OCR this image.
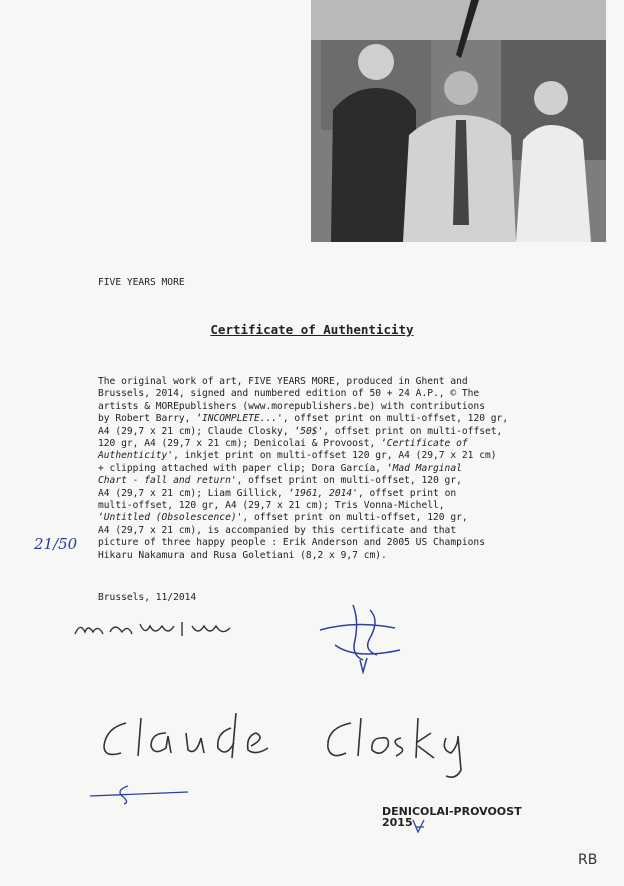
FIVE YEARS MORE
Certificate of Authenticity
The original work of art, FIVE YEARS MORE, produced in Ghent and
Brussels, 2014, signed and numbered edition of 50 + 24 A.P., © The
artists & MOREpublishers (www.morepublishers.be) with contributions
by Robert Barry, ‘INCOMPLETE...', offset print on multi-offset, 120 gr,
A4 (29,7 x 21 cm); Claude Closky, ‘50$', offset print on multi-offset,
120 gr, A4 (29,7 x 21 cm); Denicolai & Provoost, ‘Certificate of
Authenticity', inkjet print on multi-offset 120 gr, A4 (29,7 x 21 cm)
+ clipping attached with paper clip; Dora García, ‘Mad Marginal
Chart - fall and return', offset print on multi-offset, 120 gr,
A4 (29,7 x 21 cm); Liam Gillick, ‘1961, 2014', offset print on
multi-offset, 120 gr, A4 (29,7 x 21 cm); Tris Vonna-Michell,
‘Untitled (Obsolescence)', offset print on multi-offset, 120 gr,
A4 (29,7 x 21 cm), is accompanied by this certificate and that
picture of three happy people : Erik Anderson and 2005 US Champions
Hikaru Nakamura and Rusa Goletiani (8,2 x 9,7 cm).
21/50
Brussels, 11/2014
DENICOLAI-PROVOOST
2015
RB
